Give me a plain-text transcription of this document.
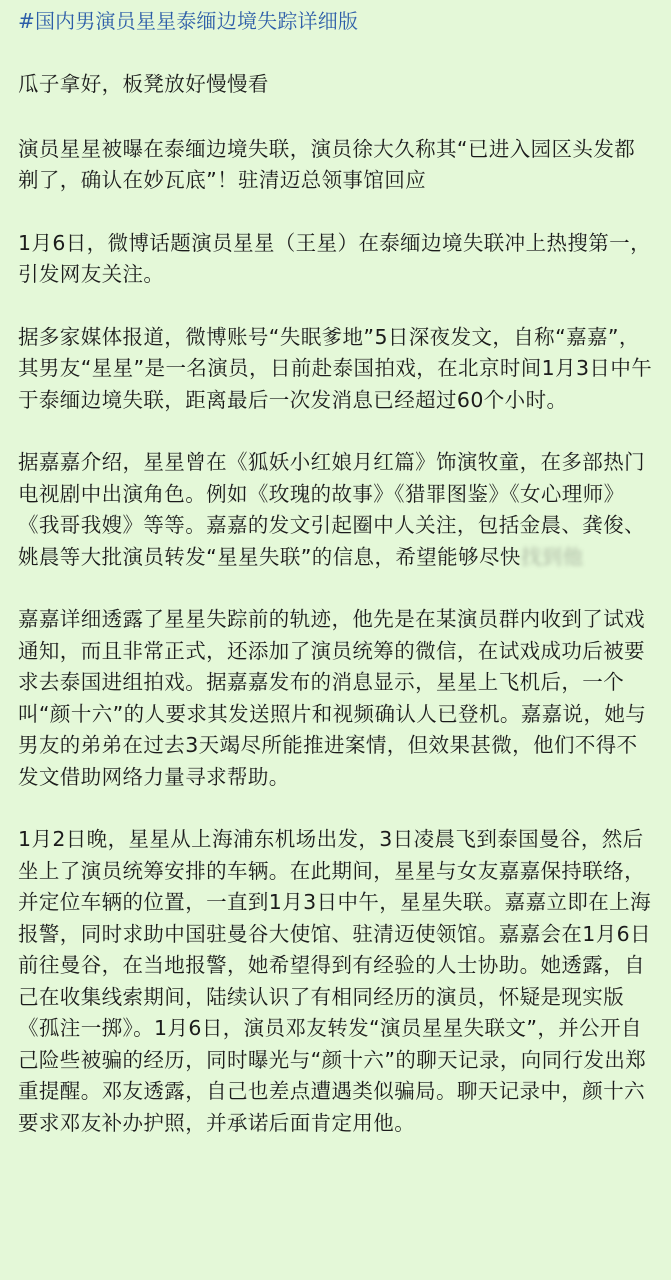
#国内男演员星星泰缅边境失踪详细版

瓜子拿好，板凳放好慢慢看

演员星星被曝在泰缅边境失联，演员徐大久称其“已进入园区头发都剃了，确认在妙瓦底”！驻清迈总领事馆回应

1月6日，微博话题演员星星（王星）在泰缅边境失联冲上热搜第一，引发网友关注。

据多家媒体报道，微博账号“失眠爹地”5日深夜发文，自称“嘉嘉”，其男友“星星”是一名演员，日前赴泰国拍戏，在北京时间1月3日中午于泰缅边境失联，距离最后一次发消息已经超过60个小时。

据嘉嘉介绍，星星曾在《狐妖小红娘月红篇》饰演牧童，在多部热门电视剧中出演角色。例如《玫瑰的故事》《猎罪图鉴》《女心理师》《我哥我嫂》等等。嘉嘉的发文引起圈中人关注，包括金晨、龚俊、姚晨等大批演员转发“星星失联”的信息，希望能够尽快找到他

嘉嘉详细透露了星星失踪前的轨迹，他先是在某演员群内收到了试戏通知，而且非常正式，还添加了演员统筹的微信，在试戏成功后被要求去泰国进组拍戏。据嘉嘉发布的消息显示，星星上飞机后，一个叫“颜十六”的人要求其发送照片和视频确认人已登机。嘉嘉说，她与男友的弟弟在过去3天竭尽所能推进案情，但效果甚微，他们不得不发文借助网络力量寻求帮助。

1月2日晚，星星从上海浦东机场出发，3日凌晨飞到泰国曼谷，然后坐上了演员统筹安排的车辆。在此期间，星星与女友嘉嘉保持联络，并定位车辆的位置，一直到1月3日中午，星星失联。嘉嘉立即在上海报警，同时求助中国驻曼谷大使馆、驻清迈使领馆。嘉嘉会在1月6日前往曼谷，在当地报警，她希望得到有经验的人士协助。她透露，自己在收集线索期间，陆续认识了有相同经历的演员，怀疑是现实版《孤注一掷》。1月6日，演员邓友转发“演员星星失联文”，并公开自己险些被骗的经历，同时曝光与“颜十六”的聊天记录，向同行发出郑重提醒。邓友透露，自己也差点遭遇类似骗局。聊天记录中，颜十六要求邓友补办护照，并承诺后面肯定用他。
